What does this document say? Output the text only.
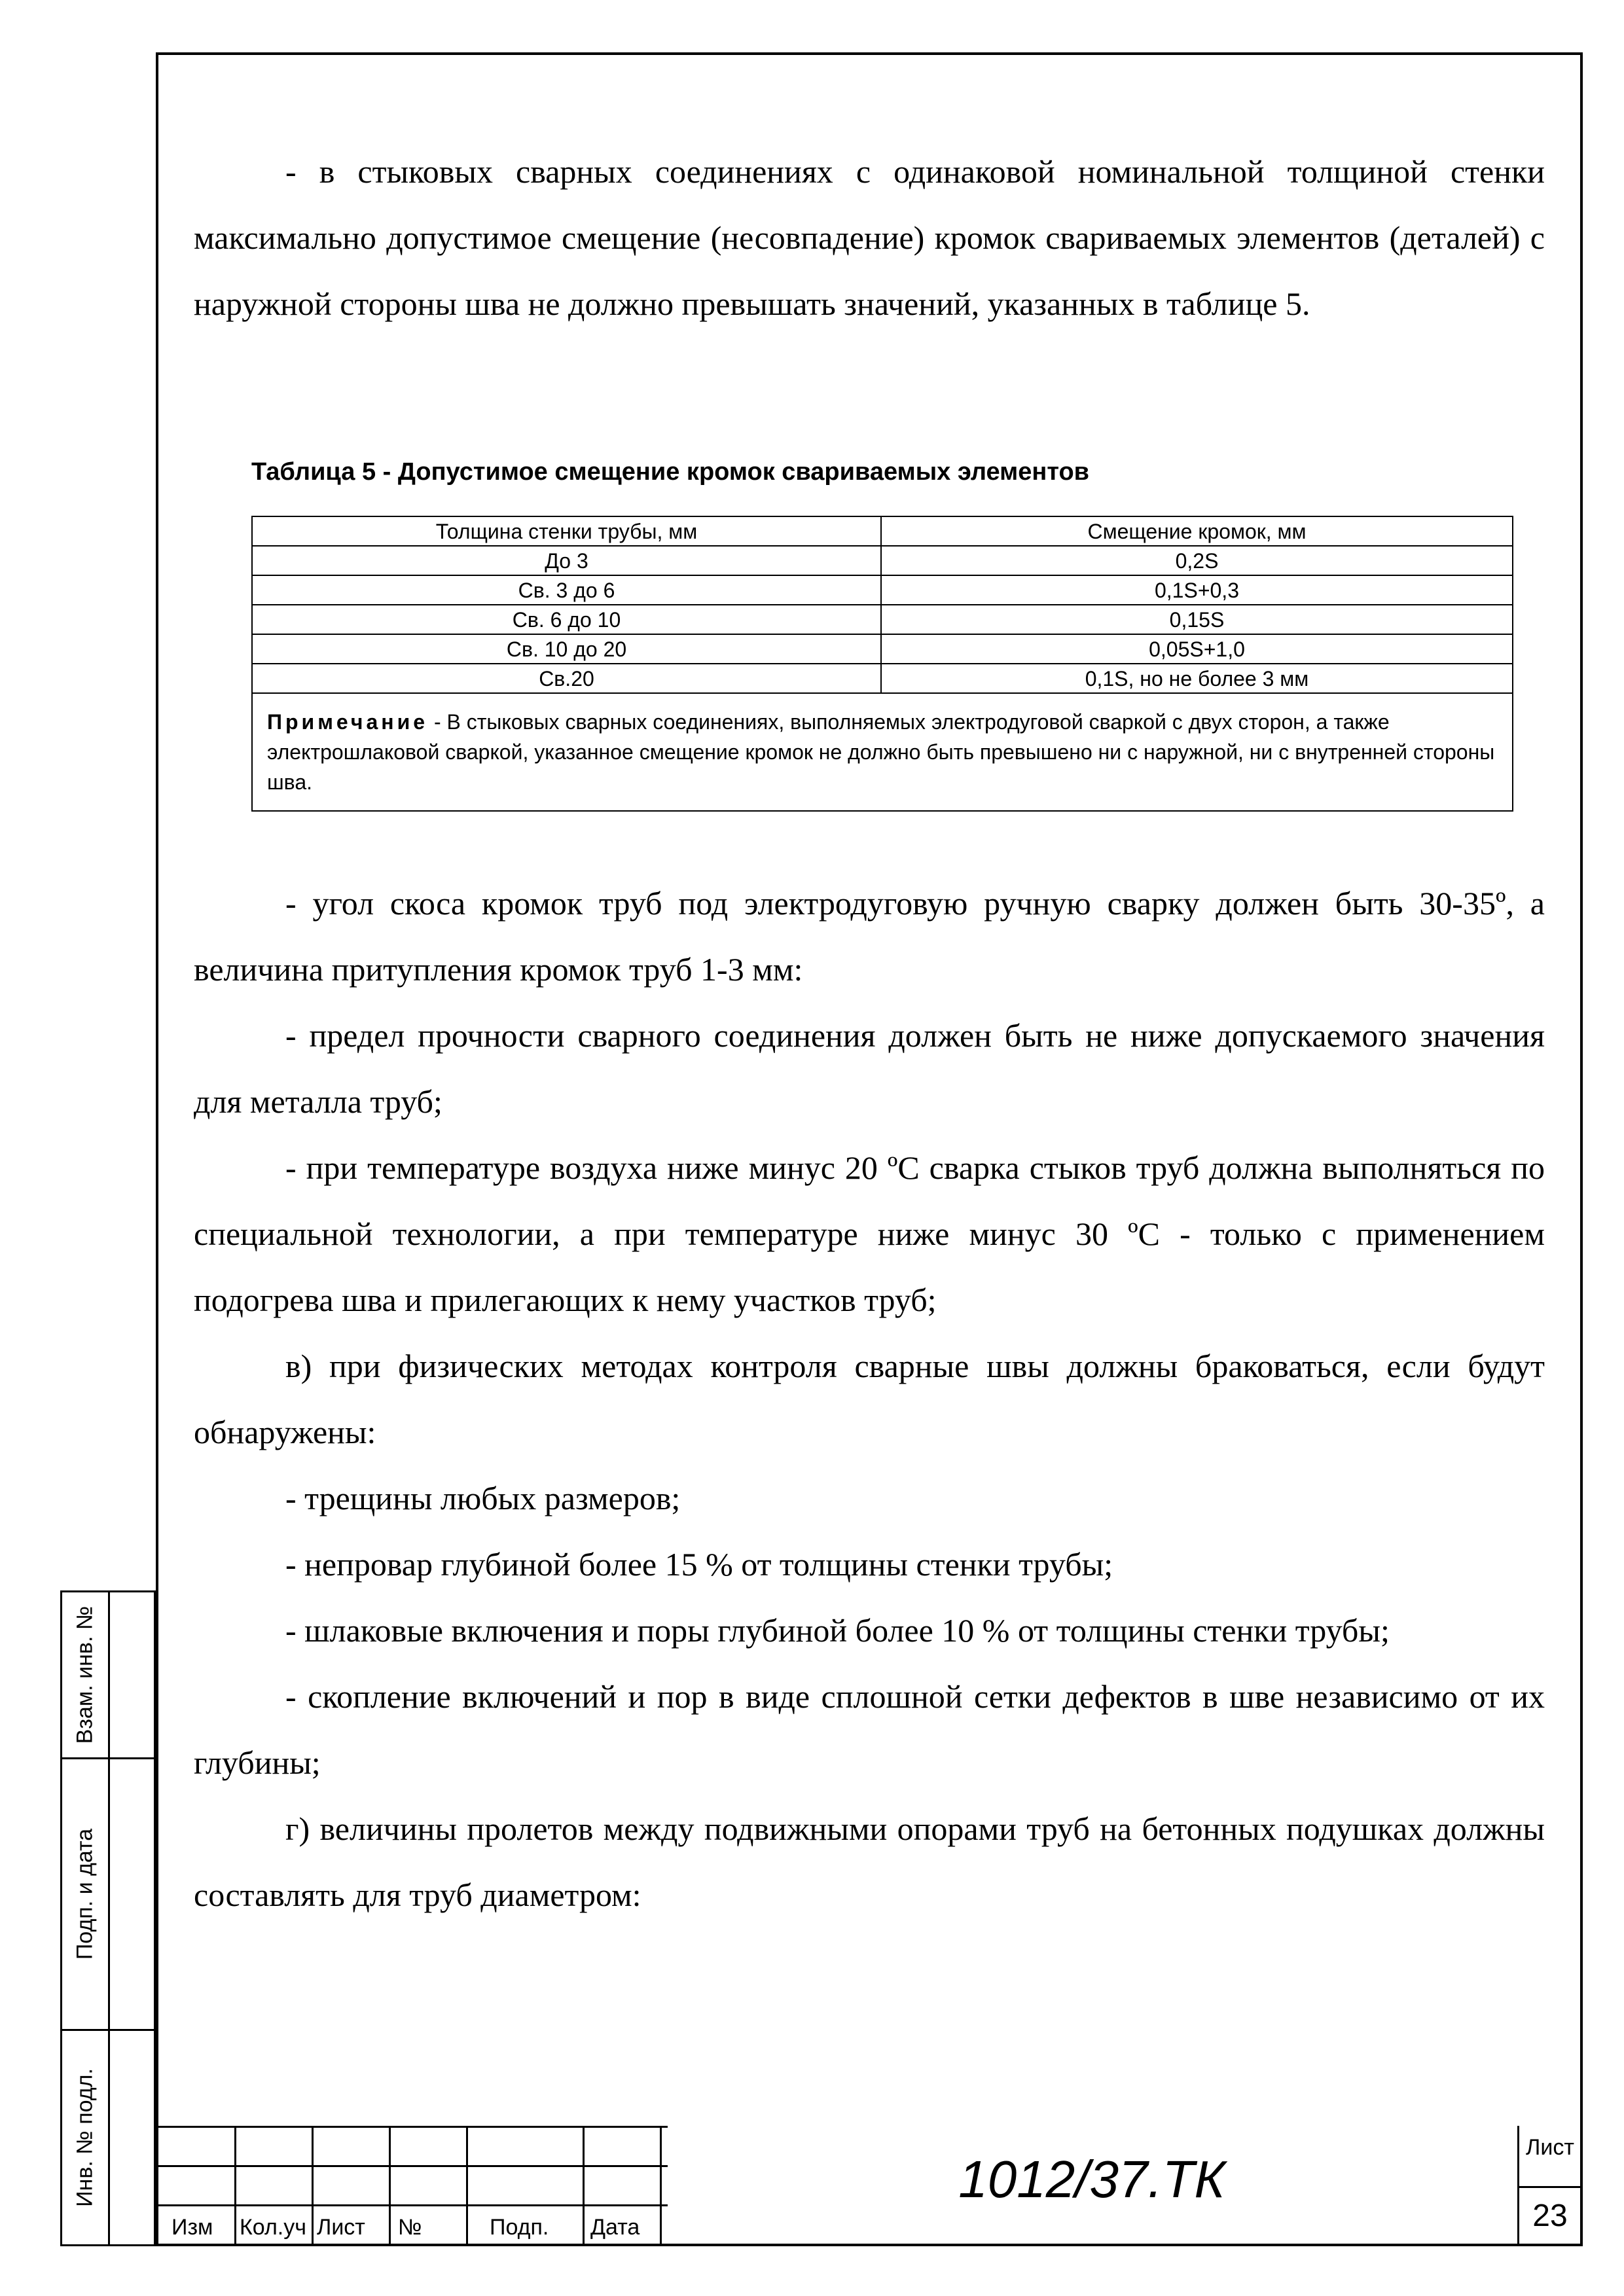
- в стыковых сварных соединениях с одинаковой номинальной толщиной стенки максимально допустимое смещение (несовпадение) кромок свариваемых элементов (деталей) с наружной стороны шва не должно превышать значений, указанных в таблице 5.

Таблица 5 - Допустимое смещение кромок свариваемых элементов
Толщина стенки трубы, мм	Смещение кромок, мм
До 3	0,2S
Св. 3 до 6	0,1S+0,3
Св. 6 до 10	0,15S
Св. 10 до 20	0,05S+1,0
Св.20	0,1S, но не более 3 мм
Примечание - В стыковых сварных соединениях, выполняемых электродуговой сваркой с двух сторон, а также электрошлаковой сваркой, указанное смещение кромок не должно быть превышено ни с наружной, ни с внутренней стороны шва.	

- угол скоса кромок труб под электродуговую ручную сварку должен быть 30-35º, а величина притупления кромок труб 1-3 мм:

- предел прочности сварного соединения должен быть не ниже допускаемого значения для металла труб;

- при температуре воздуха ниже минус 20 ºС сварка стыков труб должна выполняться по специальной технологии, а при температуре ниже минус 30 ºС - только с применением подогрева шва и прилегающих к нему участков труб;

в) при физических методах контроля сварные швы должны браковаться, если будут обнаружены:

- трещины любых размеров;

- непровар глубиной более 15 % от толщины стенки трубы;

- шлаковые включения и поры глубиной более 10 % от толщины стенки трубы;

- скопление включений и пор в виде сплошной сетки дефектов в шве независимо от их глубины;

г) величины пролетов между подвижными опорами труб на бетонных подушках должны составлять для труб диаметром:

Взам. инв. №
Подп. и дата
Инв. № подл.
Изм Кол.уч Лист №	Подп. Дата
1012/37.ТК
Лист
23
